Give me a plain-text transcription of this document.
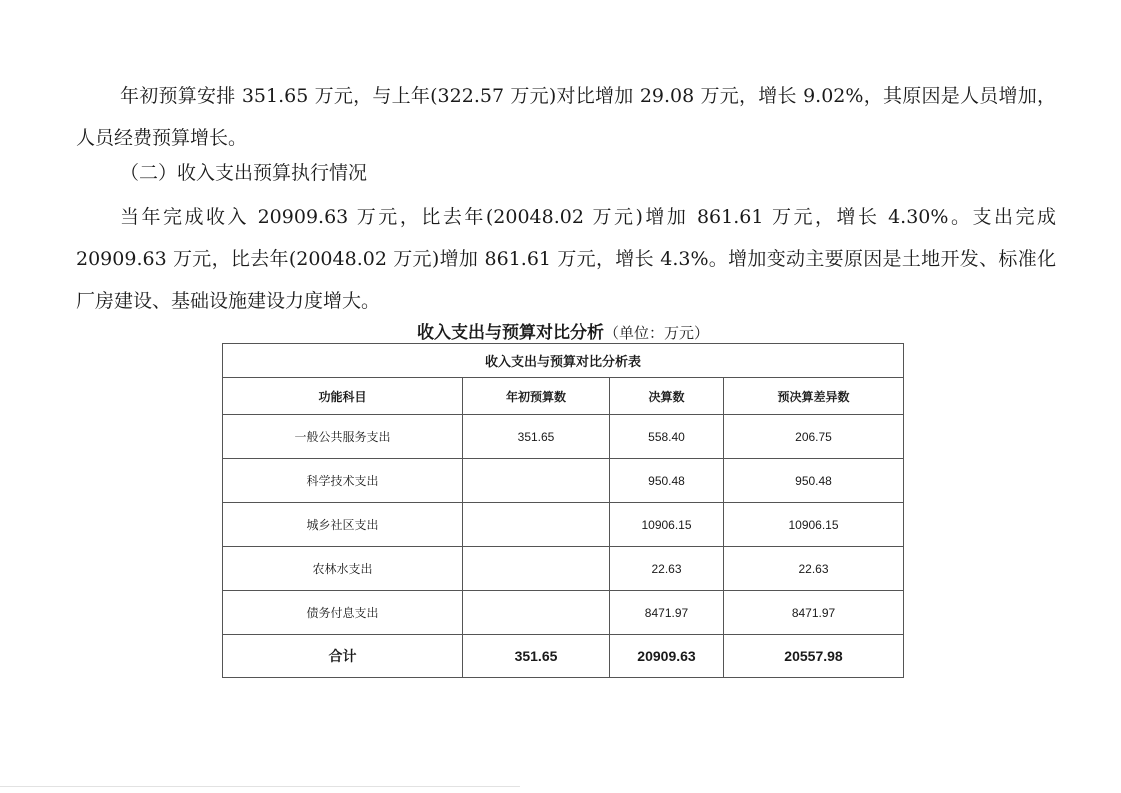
年初预算安排 351.65 万元，与上年(322.57 万元)对比增加 29.08 万元，增长 9.02%，其原因是人员增加，人员经费预算增长。

（二）收入支出预算执行情况

当年完成收入 20909.63 万元，比去年(20048.02 万元)增加 861.61 万元，增长 4.30%。支出完成20909.63 万元，比去年(20048.02 万元)增加 861.61 万元，增长 4.3%。增加变动主要原因是土地开发、标准化厂房建设、基础设施建设力度增大。

收入支出与预算对比分析（单位：万元）
收入支出与预算对比分析表			
功能科目	年初预算数	决算数	预决算差异数
一般公共服务支出	351.65	558.40	206.75
科学技术支出		950.48	950.48
城乡社区支出		10906.15	10906.15
农林水支出		22.63	22.63
债务付息支出		8471.97	8471.97
合计	351.65	20909.63	20557.98
